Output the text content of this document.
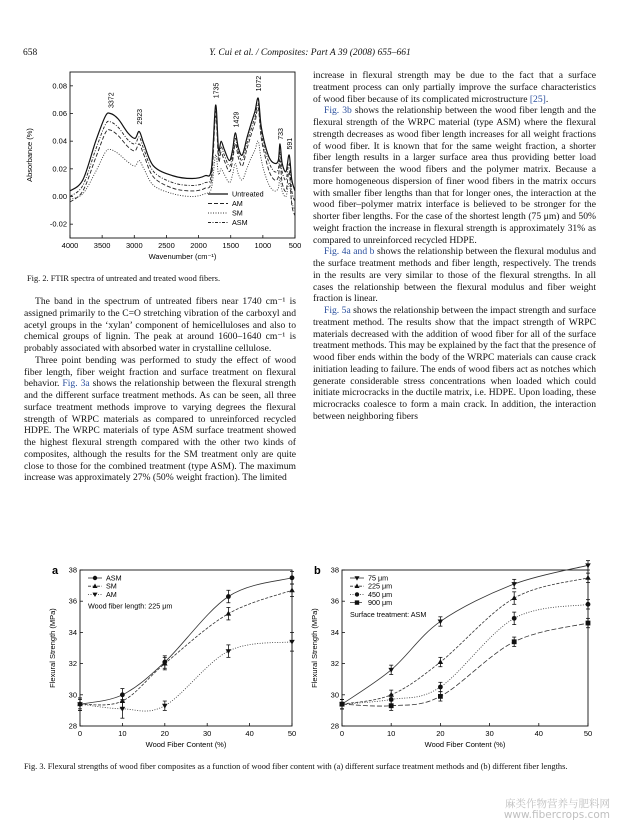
658	Y. Cui et al. / Composites: Part A 39 (2008) 655–661
4000 3500 3000 2500 2000 1500 1000 500
-0.02
0.00
0.02
0.04
0.06
0.08
Wavenumber (cm⁻¹)
Absorbance (%)
3372
2923
1735
1429
1072
733
591
Untreated
AM
SM
ASM
Fig. 2. FTIR spectra of untreated and treated wood fibers.

The band in the spectrum of untreated fibers near 1740 cm⁻¹ is assigned primarily to the C=O stretching vibration of the carboxyl and acetyl groups in the ‘xylan’ component of hemicelluloses and also to chemical groups of lignin. The peak at around 1600–1640 cm⁻¹ is probably associated with absorbed water in crystalline cellulose.

Three point bending was performed to study the effect of wood fiber length, fiber weight fraction and surface treatment on flexural behavior. Fig. 3a shows the relationship between the flexural strength and the different surface treatment methods. As can be seen, all three surface treatment methods improve to varying degrees the flexural strength of WRPC materials as compared to unreinforced recycled HDPE. The WRPC materials of type ASM surface treatment showed the highest flexural strength compared with the other two kinds of composites, although the results for the SM treatment only are quite close to those for the combined treatment (type ASM). The maximum increase was approximately 27% (50% weight fraction). The limited

increase in flexural strength may be due to the fact that a surface treatment process can only partially improve the surface characteristics of wood fiber because of its complicated microstructure [25].

Fig. 3b shows the relationship between the wood fiber length and the flexural strength of the WRPC material (type ASM) where the flexural strength decreases as wood fiber length increases for all weight fractions of wood fiber. It is known that for the same weight fraction, a shorter fiber length results in a larger surface area thus providing better load transfer between the wood fibers and the polymer matrix. Because a more homogeneous dispersion of finer wood fibers in the matrix occurs with smaller fiber lengths than that for longer ones, the interaction at the wood fiber–polymer matrix interface is believed to be stronger for the shorter fiber lengths. For the case of the shortest length (75 μm) and 50% weight fraction the increase in flexural strength is approximately 31% as compared to unreinforced recycled HDPE.

Fig. 4a and b shows the relationship between the flexural modulus and the surface treatment methods and fiber length, respectively. The trends in the results are very similar to those of the flexural strengths. In all cases the relationship between the flexural modulus and fiber weight fraction is linear.

Fig. 5a shows the relationship between the impact strength and surface treatment method. The results show that the impact strength of WRPC materials decreased with the addition of wood fiber for all of the surface treatment methods. This may be explained by the fact that the presence of wood fiber ends within the body of the WRPC materials can cause crack initiation leading to failure. The ends of wood fibers act as notches which generate considerable stress concentrations when loaded which could initiate microcracks in the ductile matrix, i.e. HDPE. Upon loading, these microcracks coalesce to form a main crack. In addition, the interaction between neighboring fibers

0	10	20	30	40	50
28
30
32
34
36
38
Wood Fiber Content (%)
Flexural Strength (MPa)
a
ASM
SM
AM
Wood fiber length: 225 μm
0	10	20	30	40	50
28
30
32
34
36
38
Wood Fiber Content (%)
Flexural Strength (MPa)
b
75 μm
225 μm
450 μm
900 μm
Surface treatment: ASM
Fig. 3. Flexural strengths of wood fiber composites as a function of wood fiber content with (a) different surface treatment methods and (b) different fiber lengths.
麻类作物营养与肥料网
www.fibercrops.com
